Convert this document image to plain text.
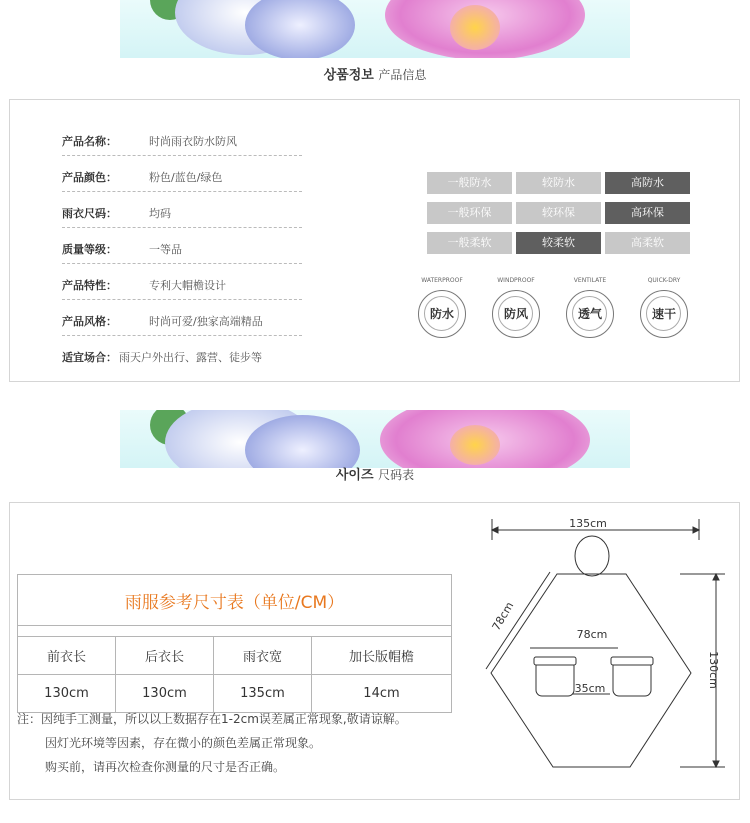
상품정보 产品信息
产品名称：	时尚雨衣防水防风
产品颜色：	粉色/蓝色/绿色
雨衣尺码：	均码
质量等级：	一等品
产品特性：	专利大帽檐设计
产品风格：	时尚可爱/独家高端精品
适宜场合： 雨天户外出行、露营、徒步等
一般防水	较防水	高防水
一般环保	较环保	高环保
一般柔软	较柔软	高柔软
WATERPROOF
防水
WINDPROOF
防风
VENTILATE
透气
QUICK-DRY
速干
사이즈 尺码表
雨服参考尺寸表（单位/CM）			

前衣长	后衣长	雨衣宽	加长版帽檐
130cm	130cm	135cm	14cm
135cm
78cm
78cm
35cm	130cm
注：因纯手工测量，所以以上数据存在1-2cm误差属正常现象,敬请谅解。
因灯光环境等因素，存在微小的颜色差属正常现象。
购买前，请再次检查你测量的尺寸是否正确。
